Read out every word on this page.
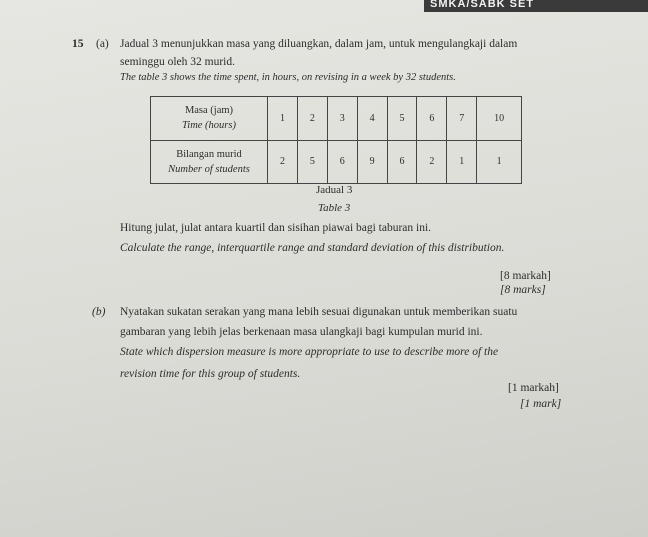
SMKA/SABK SET
15 (a) Jadual 3 menunjukkan masa yang diluangkan, dalam jam, untuk mengulangkaji dalam
seminggu oleh 32 murid.
The table 3 shows the time spent, in hours, on revising in a week by 32 students.
Masa (jam)
Time (hours)	1	2	3	4	5	6	7	10
Bilangan murid
Number of students	2	5	6	9	6	2	1	1
Jadual 3
Table 3
Hitung julat, julat antara kuartil dan sisihan piawai bagi taburan ini.
Calculate the range, interquartile range and standard deviation of this distribution.
[8 markah]
[8 marks]
(b) Nyatakan sukatan serakan yang mana lebih sesuai digunakan untuk memberikan suatu
gambaran yang lebih jelas berkenaan masa ulangkaji bagi kumpulan murid ini.
State which dispersion measure is more appropriate to use to describe more of the
revision time for this group of students.
[1 markah]
[1 mark]
